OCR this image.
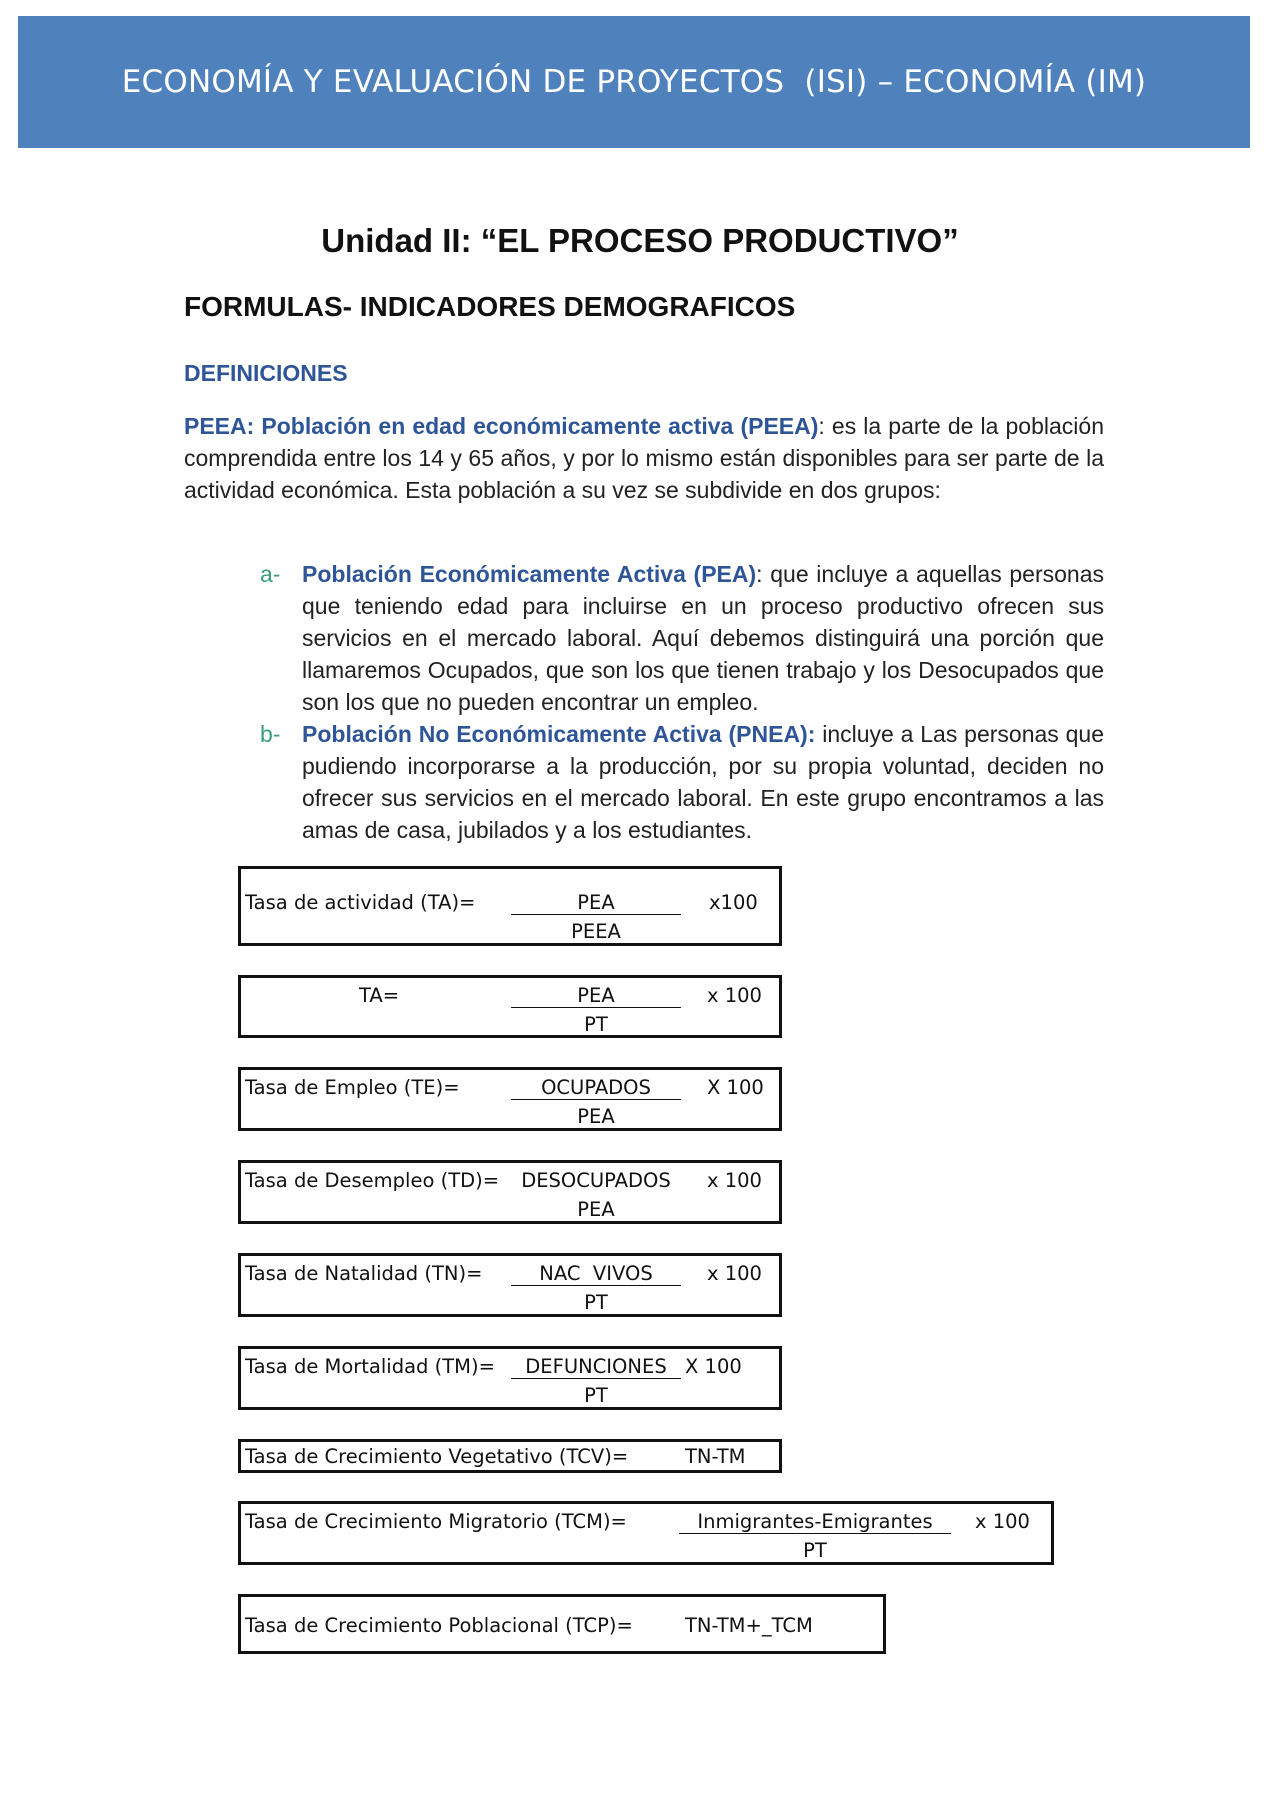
ECONOMÍA Y EVALUACIÓN DE PROYECTOS  (ISI) – ECONOMÍA (IM)
Unidad II: “EL PROCESO PRODUCTIVO”
FORMULAS- INDICADORES DEMOGRAFICOS
DEFINICIONES
PEEA: Población en edad económicamente activa (PEEA): es la parte de la población comprendida entre los 14 y 65 años, y por lo mismo están disponibles para ser parte de la actividad económica. Esta población a su vez se subdivide en dos grupos:
a- Población Económicamente Activa (PEA): que incluye a aquellas personas que teniendo edad para incluirse en un proceso productivo ofrecen sus servicios en el mercado laboral. Aquí debemos distinguirá una porción que llamaremos Ocupados, que son los que tienen trabajo y los Desocupados que son los que no pueden encontrar un empleo.
b- Población No Económicamente Activa (PNEA): incluye a Las personas que pudiendo incorporarse a la producción, por su propia voluntad, deciden no ofrecer sus servicios en el mercado laboral. En este grupo encontramos a las amas de casa, jubilados y a los estudiantes.
Tasa de actividad (TA)=	PEA
PEEA
x100
TA=	PEA
PT
x 100
Tasa de Empleo (TE)=	OCUPADOS
PEA
X 100
Tasa de Desempleo (TD)=	DESOCUPADOS
PEA
x 100
Tasa de Natalidad (TN)=	NAC  VIVOS
PT
x 100
Tasa de Mortalidad (TM)=	DEFUNCIONES
PT
X 100
Tasa de Crecimiento Vegetativo (TCV)=	TN-TM
Tasa de Crecimiento Migratorio (TCM)=	Inmigrantes-Emigrantes
PT
x 100
Tasa de Crecimiento Poblacional (TCP)=	TN-TM+_TCM
